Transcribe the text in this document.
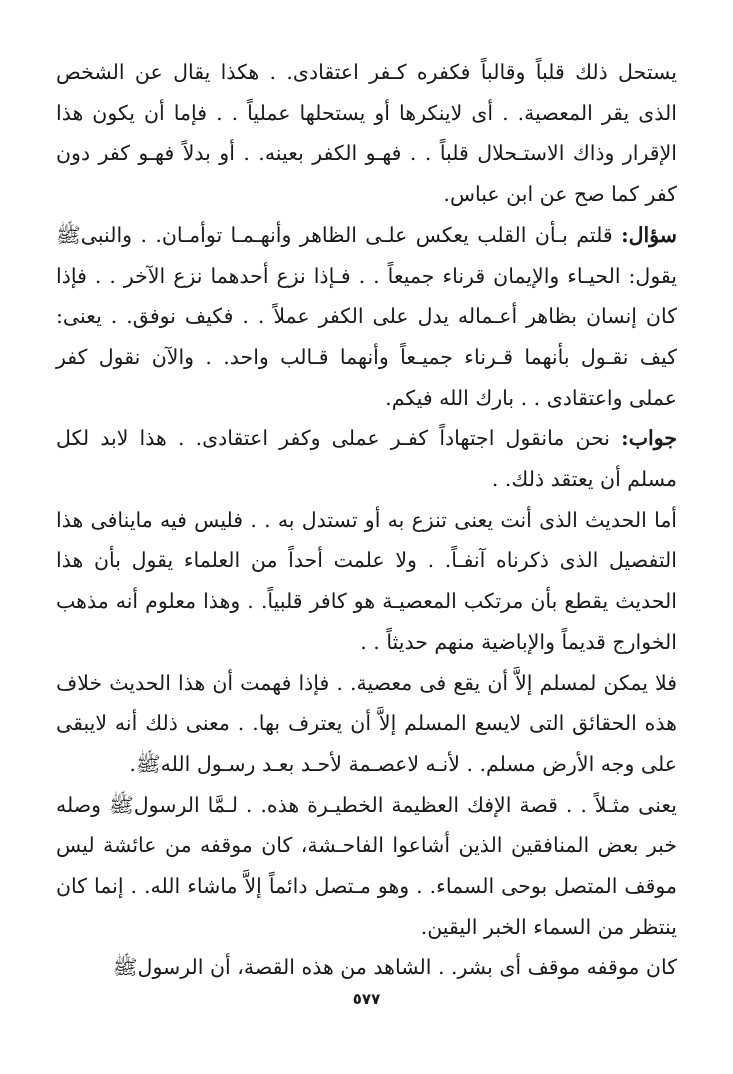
يستحل ذلك قلباً وقالباً فكفره كـفر اعتقادى. . هكذا يقال عن الشخص الذى يقر المعصية. . أى لاينكرها أو يستحلها عملياً . . فإما أن يكون هذا الإقرار وذاك الاستـحلال قلباً . . فهـو الكفر بعينه. . أو بدلاً فهـو كفر دون كفر كما صح عن ابن عباس.

سؤال: قلتم بـأن القلب يعكس علـى الظاهر وأنهـمـا توأمـان. . والنبىﷺ يقول: الحيـاء والإيمان قرناء جميعاً . . فـإذا نزع أحدهما نزع الآخر . . فإذا كان إنسان بظاهر أعـماله يدل على الكفر عملاً . . فكيف نوفق. . يعنى: كيف نقـول بأنهما قـرناء جميـعاً وأنهما قـالب واحد. . والآن نقول كفر عملى واعتقادى . . بارك الله فيكم.

جواب: نحن مانقول اجتهاداً كفـر عملى وكفر اعتقادى. . هذا لابد لكل مسلم أن يعتقد ذلك. .

أما الحديث الذى أنت يعنى تنزع به أو تستدل به . . فليس فيه ماينافى هذا التفصيل الذى ذكرناه آنفـاً. . ولا علمت أحداً من العلماء يقول بأن هذا الحديث يقطع بأن مرتكب المعصيـة هو كافر قلبياً. . وهذا معلوم أنه مذهب الخوارج قديماً والإباضية منهم حديثاً . .

فلا يمكن لمسلم إلاَّ أن يقع فى معصية. . فإذا فهمت أن هذا الحديث خلاف هذه الحقائق التى لايسع المسلم إلاَّ أن يعترف بها. . معنى ذلك أنه لايبقى على وجه الأرض مسلم. . لأنـه لاعصـمة لأحـد بعـد رسـول اللهﷺ.

يعنى مثـلاً . . قصة الإفك العظيمة الخطيـرة هذه. . لـمَّا الرسولﷺ وصله خبر بعض المنافقين الذين أشاعوا الفاحـشة، كان موقفه من عائشة ليس موقف المتصل بوحى السماء. . وهو مـتصل دائماً إلاَّ ماشاء الله. . إنما كان ينتظر من السماء الخبر اليقين.

كان موقفه موقف أى بشر. . الشاهد من هذه القصة، أن الرسولﷺ

٥٧٧
